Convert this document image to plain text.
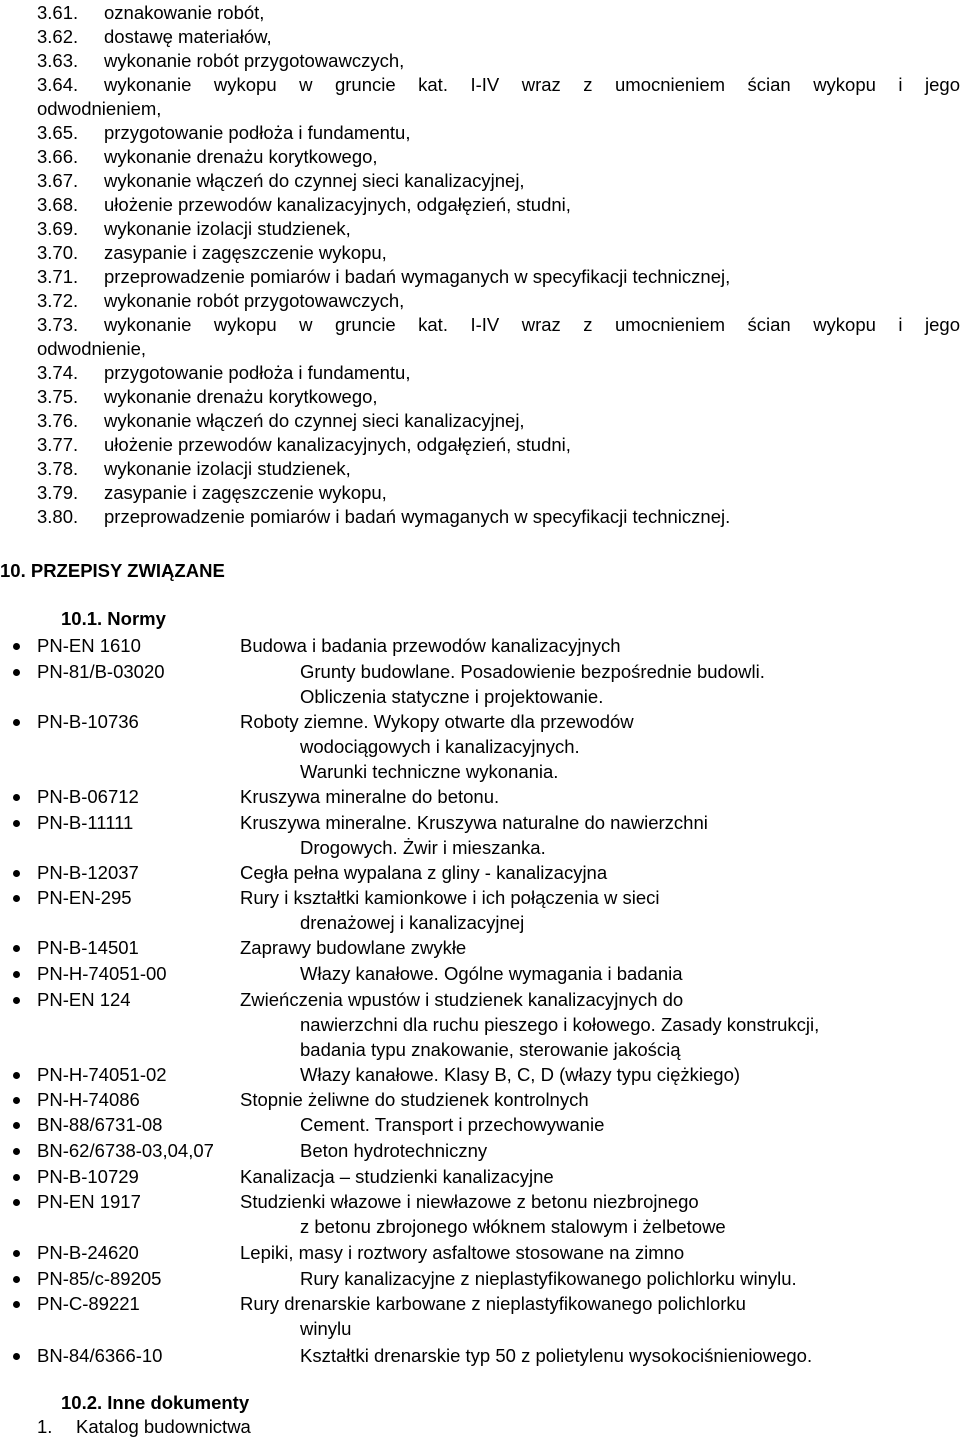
3.61. oznakowanie robót,
3.62. dostawę materiałów,
3.63. wykonanie robót przygotowawczych,
3.64. wykonanie wykopu w gruncie kat. I-IV wraz z umocnieniem ścian wykopu i jego
odwodnieniem,
3.65. przygotowanie podłoża i fundamentu,
3.66. wykonanie drenażu korytkowego,
3.67. wykonanie włączeń do czynnej sieci kanalizacyjnej,
3.68. ułożenie przewodów kanalizacyjnych, odgałęzień, studni,
3.69. wykonanie izolacji studzienek,
3.70. zasypanie i zagęszczenie wykopu,
3.71. przeprowadzenie pomiarów i badań wymaganych w specyfikacji technicznej,
3.72. wykonanie robót przygotowawczych,
3.73. wykonanie wykopu w gruncie kat. I-IV wraz z umocnieniem ścian wykopu i jego
odwodnienie,
3.74. przygotowanie podłoża i fundamentu,
3.75. wykonanie drenażu korytkowego,
3.76. wykonanie włączeń do czynnej sieci kanalizacyjnej,
3.77. ułożenie przewodów kanalizacyjnych, odgałęzień, studni,
3.78. wykonanie izolacji studzienek,
3.79. zasypanie i zagęszczenie wykopu,
3.80. przeprowadzenie pomiarów i badań wymaganych w specyfikacji technicznej.
10. PRZEPISY ZWIĄZANE
10.1. Normy
PN-EN 1610	Budowa i badania przewodów kanalizacyjnych
PN-81/B-03020	Grunty budowlane. Posadowienie bezpośrednie budowli.
Obliczenia statyczne i projektowanie.
PN-B-10736	Roboty ziemne. Wykopy otwarte dla przewodów
wodociągowych i kanalizacyjnych.
Warunki techniczne wykonania.
PN-B-06712	Kruszywa mineralne do betonu.
PN-B-11111	Kruszywa mineralne. Kruszywa naturalne do nawierzchni
Drogowych. Żwir i mieszanka.
PN-B-12037	Cegła pełna wypalana z gliny - kanalizacyjna
PN-EN-295	Rury i kształtki kamionkowe i ich połączenia w sieci
drenażowej i kanalizacyjnej
PN-B-14501	Zaprawy budowlane zwykłe
PN-H-74051-00	Włazy kanałowe. Ogólne wymagania i badania
PN-EN 124	Zwieńczenia wpustów i studzienek kanalizacyjnych do
nawierzchni dla ruchu pieszego i kołowego. Zasady konstrukcji,
badania typu znakowanie, sterowanie jakością
PN-H-74051-02	Włazy kanałowe. Klasy B, C, D (włazy typu ciężkiego)
PN-H-74086	Stopnie żeliwne do studzienek kontrolnych
BN-88/6731-08	Cement. Transport i przechowywanie
BN-62/6738-03,04,07	Beton hydrotechniczny
PN-B-10729	Kanalizacja – studzienki kanalizacyjne
PN-EN 1917	Studzienki włazowe i niewłazowe z betonu niezbrojnego
z betonu zbrojonego włóknem stalowym i żelbetowe
PN-B-24620	Lepiki, masy i roztwory asfaltowe stosowane na zimno
PN-85/c-89205	Rury kanalizacyjne z nieplastyfikowanego polichlorku winylu.
PN-C-89221	Rury drenarskie karbowane z nieplastyfikowanego polichlorku
winylu
BN-84/6366-10	Kształtki drenarskie typ 50 z polietylenu wysokociśnieniowego.
10.2. Inne dokumenty
1. Katalog budownictwa
